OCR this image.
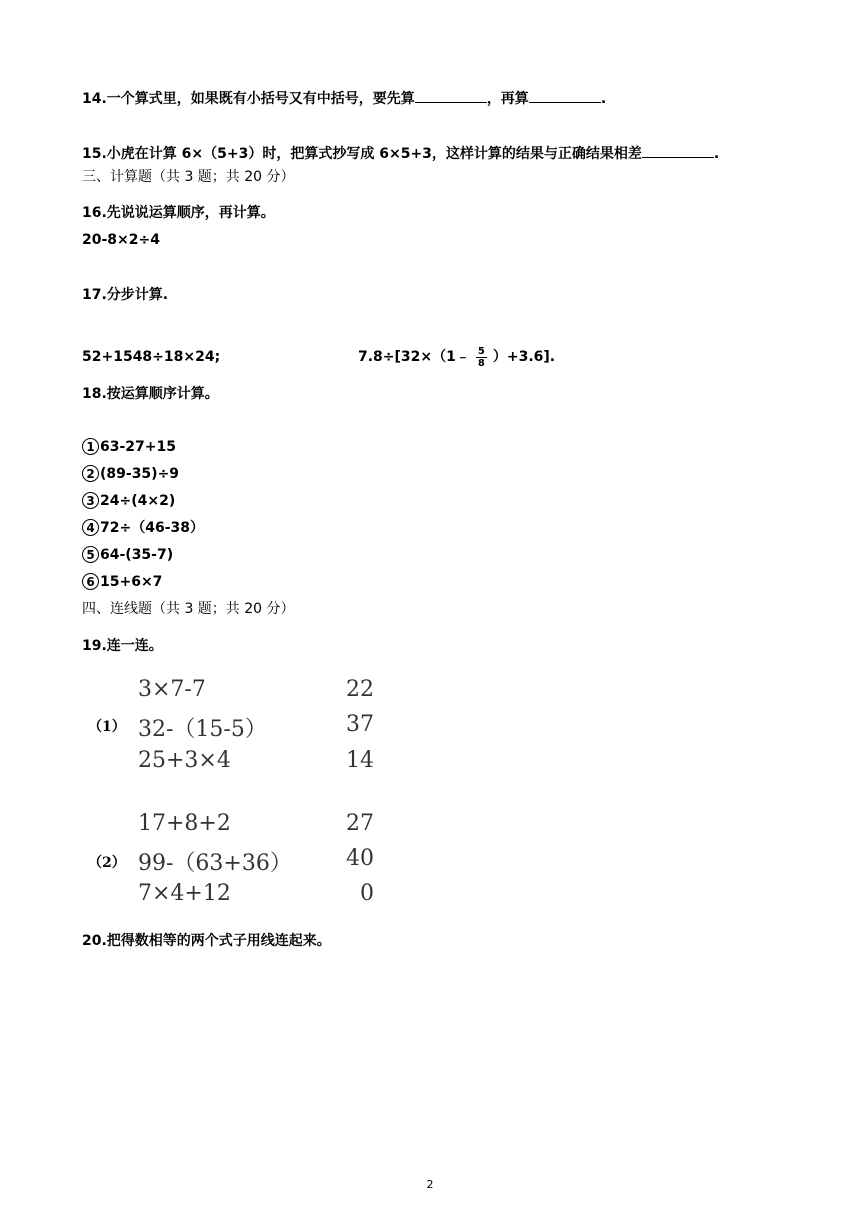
14.一个算式里，如果既有小括号又有中括号，要先算	，再算	.
15.小虎在计算 6×（5+3）时，把算式抄写成 6×5+3，这样计算的结果与正确结果相差	.
三、计算题（共 3 题；共 20 分）
16.先说说运算顺序，再计算。
20-8×2÷4
17.分步计算.
52+1548÷18×24;	7.8÷[32×（1﹣ $\frac{5}{8} )+3.6$].
18.按运算顺序计算。
1 63-27+15
2 (89-35)÷9
3 24÷(4×2)
4 72÷（46-38）
5 64-(35-7)
6 15+6×7
四、连线题（共 3 题；共 20 分）
19.连一连。
（1）
3×7-7
32-（15-5）
25+3×4
22
37
14
（2）
17+8+2
99-（63+36）
7×4+12
27
40
0
20.把得数相等的两个式子用线连起来。
2
